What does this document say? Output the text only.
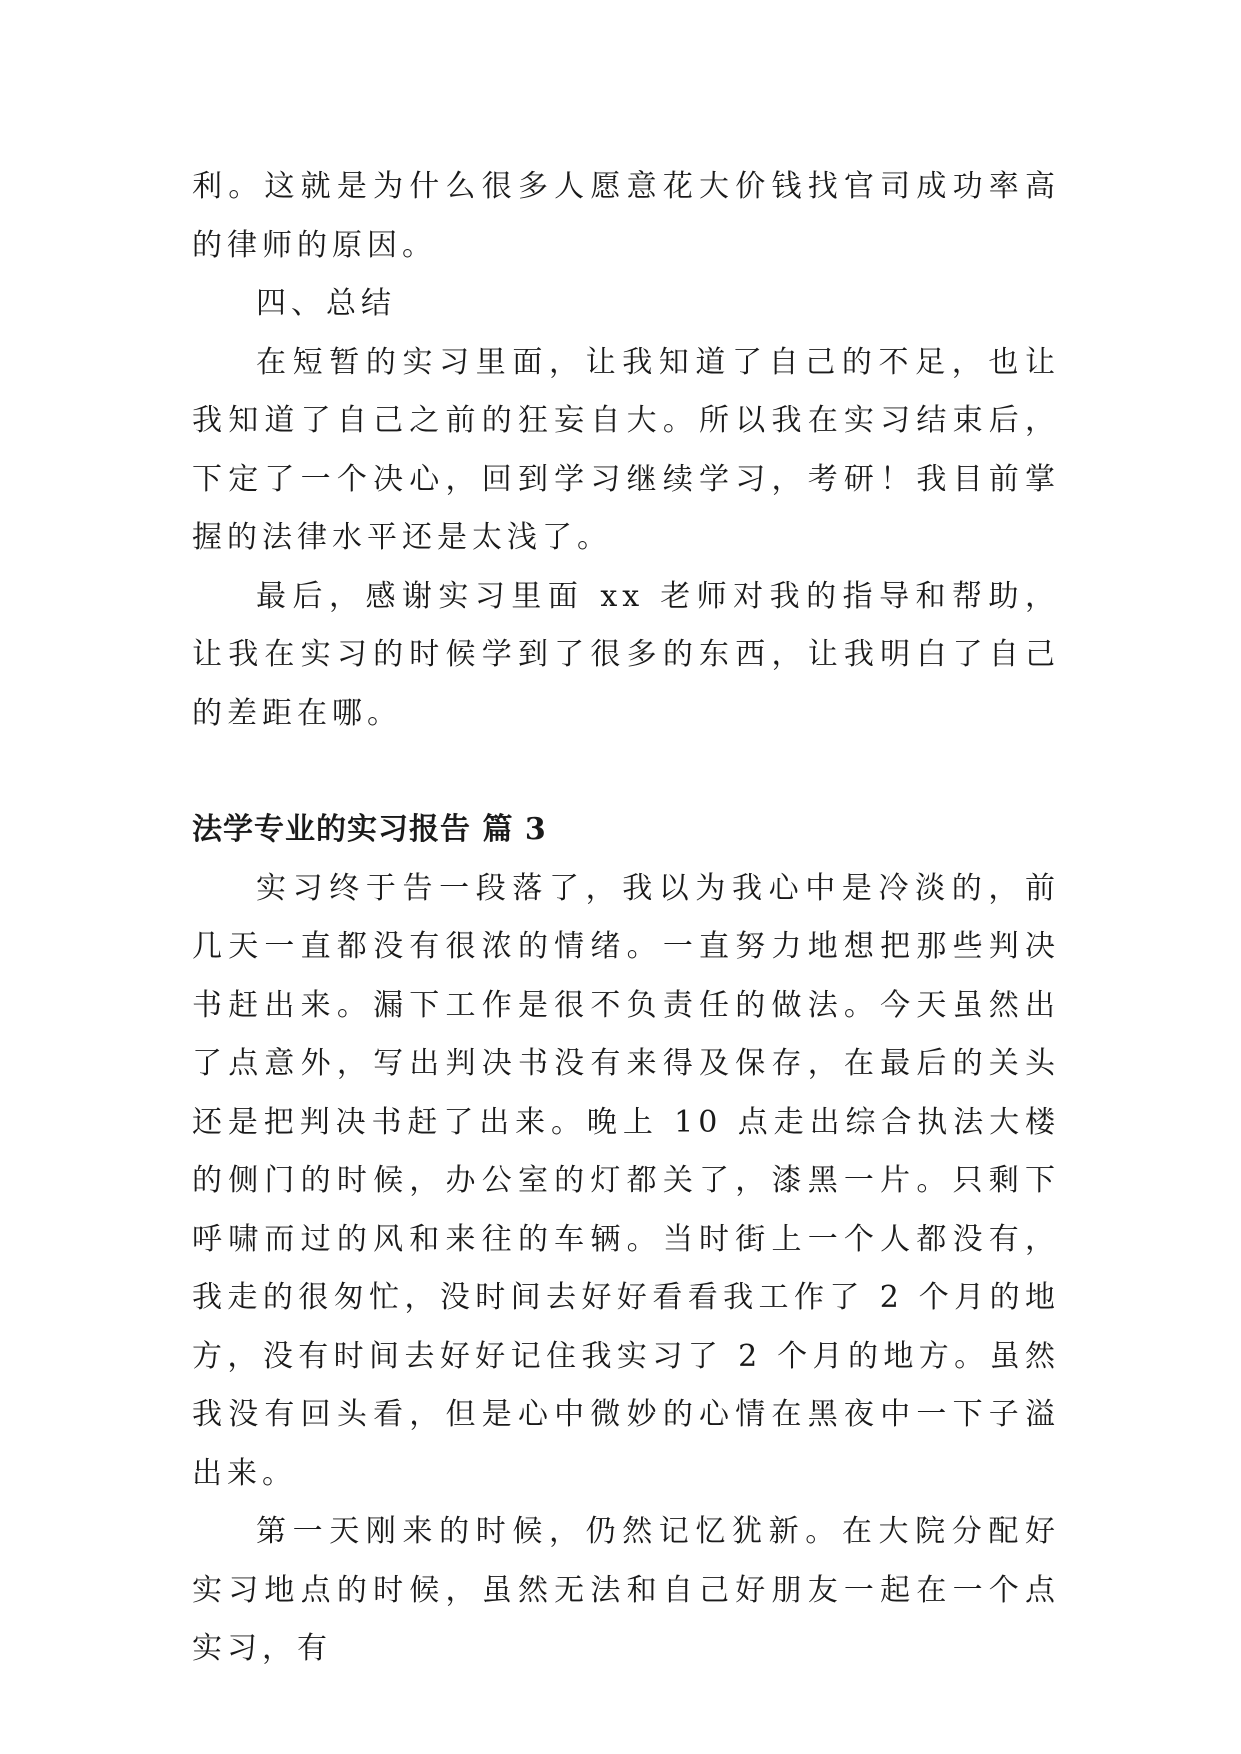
利。这就是为什么很多人愿意花大价钱找官司成功率高的律师的原因。

四、总结

在短暂的实习里面，让我知道了自己的不足，也让我知道了自己之前的狂妄自大。所以我在实习结束后，下定了一个决心，回到学习继续学习，考研！我目前掌握的法律水平还是太浅了。

最后，感谢实习里面 xx 老师对我的指导和帮助，让我在实习的时候学到了很多的东西，让我明白了自己的差距在哪。

法学专业的实习报告 篇 3

实习终于告一段落了，我以为我心中是冷淡的，前几天一直都没有很浓的情绪。一直努力地想把那些判决书赶出来。漏下工作是很不负责任的做法。今天虽然出了点意外，写出判决书没有来得及保存，在最后的关头还是把判决书赶了出来。晚上 10 点走出综合执法大楼的侧门的时候，办公室的灯都关了，漆黑一片。只剩下呼啸而过的风和来往的车辆。当时街上一个人都没有，我走的很匆忙，没时间去好好看看我工作了 2 个月的地方，没有时间去好好记住我实习了 2 个月的地方。虽然我没有回头看，但是心中微妙的心情在黑夜中一下子溢出来。

第一天刚来的时候，仍然记忆犹新。在大院分配好实习地点的时候，虽然无法和自己好朋友一起在一个点实习，有
